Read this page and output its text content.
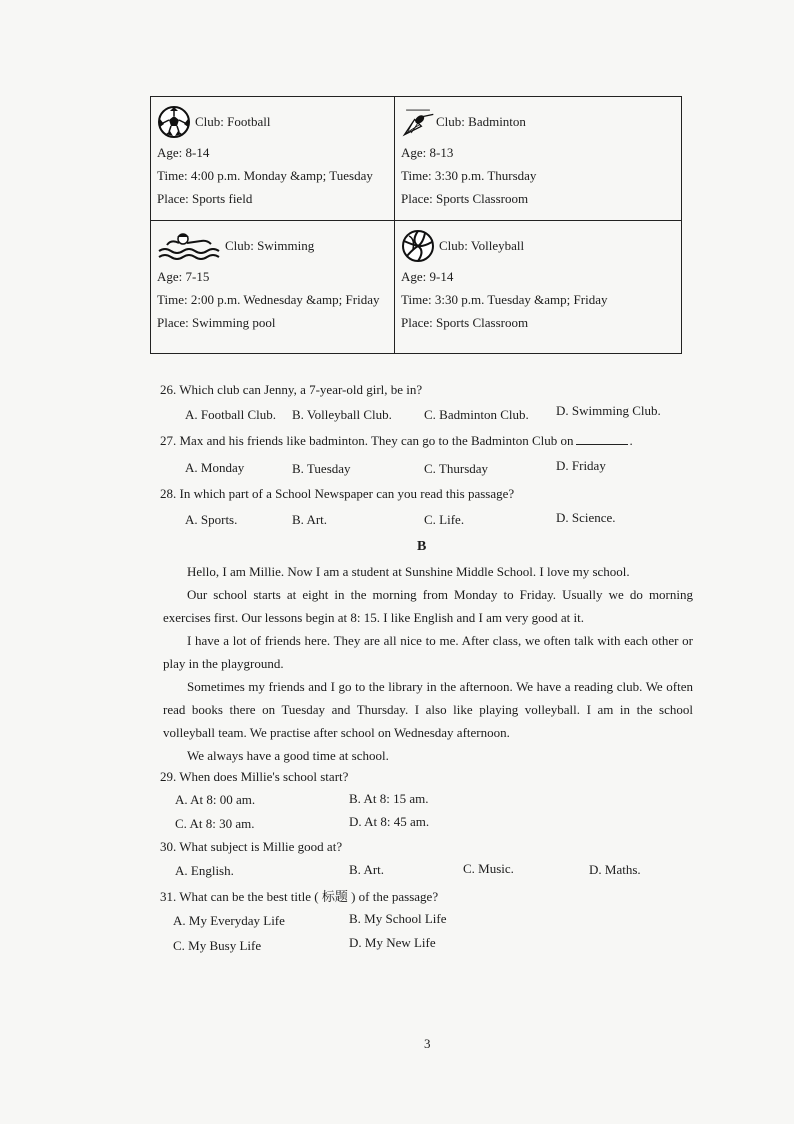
Club: Football
Age: 8-14
Time: 4:00 p.m. Monday &amp; Tuesday
Place: Sports field
Club: Badminton
Age: 8-13
Time: 3:30 p.m. Thursday
Place: Sports Classroom
Club: Swimming
Age: 7-15
Time: 2:00 p.m. Wednesday &amp; Friday
Place: Swimming pool
Club: Volleyball
Age: 9-14
Time: 3:30 p.m. Tuesday &amp; Friday
Place: Sports Classroom
26. Which club can Jenny, a 7-year-old girl, be in?
A. Football Club. B. Volleyball Club. C. Badminton Club. D. Swimming Club.
27. Max and his friends like badminton. They can go to the Badminton Club on	.
A. Monday	B. Tuesday	C. Thursday	D. Friday
28. In which part of a School Newspaper can you read this passage?
A. Sports.	B. Art.	C. Life.	D. Science.
B

Hello, I am Millie. Now I am a student at Sunshine Middle School. I love my school.

Our school starts at eight in the morning from Monday to Friday. Usually we do morning exercises first. Our lessons begin at 8: 15. I like English and I am very good at it.

I have a lot of friends here. They are all nice to me. After class, we often talk with each other or play in the playground.

Sometimes my friends and I go to the library in the afternoon. We have a reading club. We often read books there on Tuesday and Thursday. I also like playing volleyball. I am in the school volleyball team. We practise after school on Wednesday afternoon.

We always have a good time at school.

29. When does Millie's school start?
A. At 8: 00 am.	B. At 8: 15 am.
C. At 8: 30 am.	D. At 8: 45 am.
30. What subject is Millie good at?
A. English.	B. Art.	C. Music.	D. Maths.
31. What can be the best title ( 标题 ) of the passage?
A. My Everyday Life	B. My School Life
C. My Busy Life	D. My New Life
3
